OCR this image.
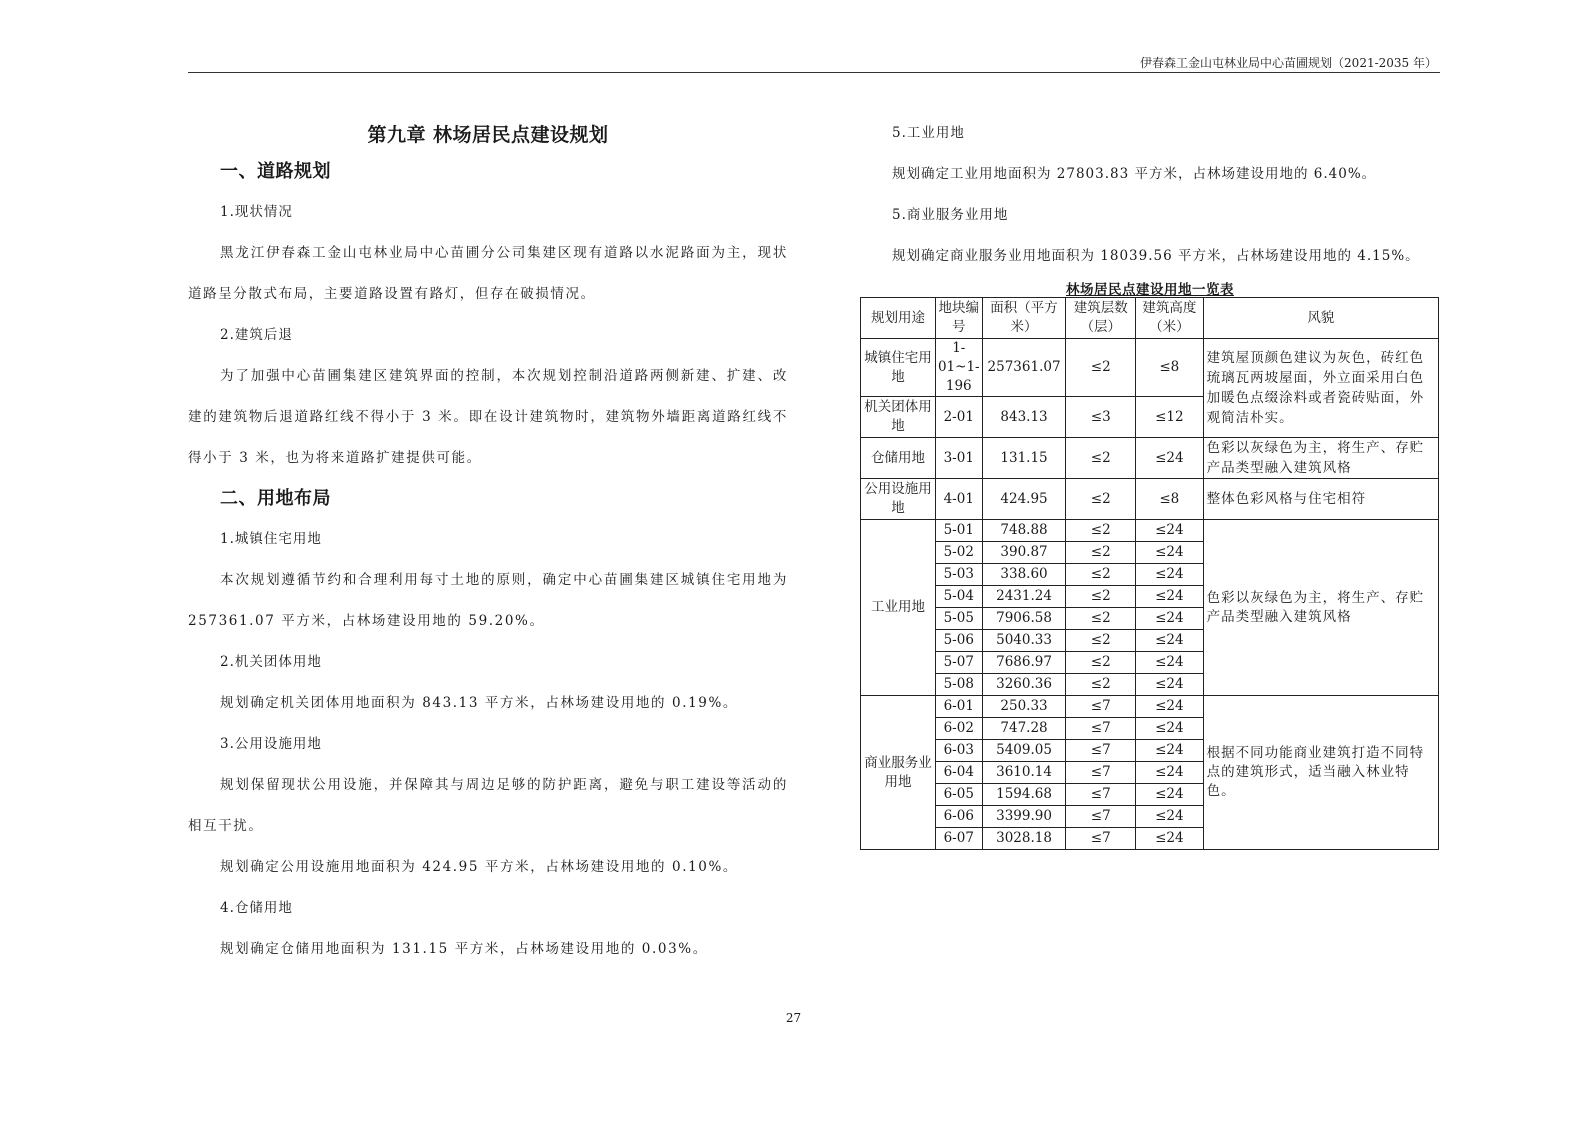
伊春森工金山屯林业局中心苗圃规划（2021-2035 年）
第九章 林场居民点建设规划
一、道路规划

1.现状情况

黑龙江伊春森工金山屯林业局中心苗圃分公司集建区现有道路以水泥路面为主，现状道路呈分散式布局，主要道路设置有路灯，但存在破损情况。

2.建筑后退

为了加强中心苗圃集建区建筑界面的控制，本次规划控制沿道路两侧新建、扩建、改建的建筑物后退道路红线不得小于 3 米。即在设计建筑物时，建筑物外墙距离道路红线不得小于 3 米，也为将来道路扩建提供可能。

二、用地布局

1.城镇住宅用地

本次规划遵循节约和合理利用每寸土地的原则，确定中心苗圃集建区城镇住宅用地为 257361.07 平方米，占林场建设用地的 59.20%。

2.机关团体用地

规划确定机关团体用地面积为 843.13 平方米，占林场建设用地的 0.19%。

3.公用设施用地

规划保留现状公用设施，并保障其与周边足够的防护距离，避免与职工建设等活动的相互干扰。

规划确定公用设施用地面积为 424.95 平方米，占林场建设用地的 0.10%。

4.仓储用地

规划确定仓储用地面积为 131.15 平方米，占林场建设用地的 0.03%。

5.工业用地

规划确定工业用地面积为 27803.83 平方米，占林场建设用地的 6.40%。

5.商业服务业用地

规划确定商业服务业用地面积为 18039.56 平方米，占林场建设用地的 4.15%。

林场居民点建设用地一览表
规划用途	地块编号	面积（平方米）	建筑层数（层）	建筑高度（米）	风貌
城镇住宅用地	1-01~1-196	257361.07	≤2	≤8	建筑屋顶颜色建议为灰色，砖红色琉璃瓦两坡屋面，外立面采用白色加暖色点缀涂料或者瓷砖贴面，外观简洁朴实。
机关团体用地	2-01	843.13	≤3	≤12	
仓储用地	3-01	131.15	≤2	≤24	色彩以灰绿色为主，将生产、存贮产品类型融入建筑风格
公用设施用地	4-01	424.95	≤2	≤8	整体色彩风格与住宅相符
工业用地	5-01	748.88	≤2	≤24	色彩以灰绿色为主，将生产、存贮产品类型融入建筑风格
	5-02	390.87	≤2	≤24	
	5-03	338.60	≤2	≤24	
	5-04	2431.24	≤2	≤24	
	5-05	7906.58	≤2	≤24	
	5-06	5040.33	≤2	≤24	
	5-07	7686.97	≤2	≤24	
	5-08	3260.36	≤2	≤24	
商业服务业用地	6-01	250.33	≤7	≤24	根据不同功能商业建筑打造不同特点的建筑形式，适当融入林业特色。
	6-02	747.28	≤7	≤24	
	6-03	5409.05	≤7	≤24	
	6-04	3610.14	≤7	≤24	
	6-05	1594.68	≤7	≤24	
	6-06	3399.90	≤7	≤24	
	6-07	3028.18	≤7	≤24	
27
